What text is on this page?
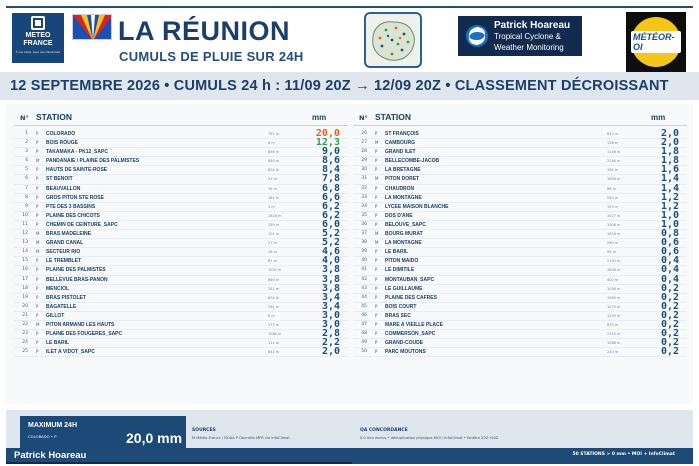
METEO
FRANCE
À vos côtés, avec nos climat futur
LA RÉUNION
CUMULS DE PLUIE SUR 24H
Patrick Hoareau
Tropical Cyclone &
Weather Monitoring
MÉTÉOR-OI
12 SEPTEMBRE 2026 • CUMULS 24 h : 11/09 20Z → 12/09 20Z • CLASSEMENT DÉCROISSANT
N° STATION	mm
1 P COLORADO	761 m	20,0
2 P BOIS ROUGE	6 m	12,3
3 P TAKAMAKA - PK12_SAPC	856 m	9,0
4 M PANDANAIE / PLAINE DES PALMISTES	880 m	8,6
5 P HAUTS DE SAINTE-ROSE	804 m	8,4
6 P ST BENOIT	43 m	7,8
7 P BEAUVALLON	16 m	6,8
8 P GROS PITON STE ROSE	181 m	6,6
9 P PTE DES 3 BASSINS	3 m	6,2
10 P PLAINE DES CHICOTS	1816 m	6,2
11 P CHEMIN DE CEINTURE_SAPC	259 m	6,0
12 M BRAS MADELEINE	101 m	5,2
13 M GRAND CANAL	27 m	5,2
14 M SECTEUR RIO	16 m	4,6
15 P LE TREMBLET	81 m	4,0
16 P PLAINE DES PALMISTES	1032 m	3,8
17 P BELLEVUE BRAS-PANON	860 m	3,8
18 P MENCIOL	261 m	3,8
19 P BRAS PISTOLET	604 m	3,4
20 P BAGATELLE	261 m	3,4
21 P GILLOT	8 m	3,0
22 M PITON ARMAND LES HAUTS	375 m	3,0
23 P PLAINE DES FOUGERES_SAPC	1086 m	2,8
24 P LE BARIL	111 m	2,2
25 P ILET A VIDOT_SAPC	641 m	2,0
N° STATION	mm
26 P ST FRANÇOIS	843 m	2,0
27 M CAMBOURG	138 m	2,0
28 P GRAND ILET	1146 m	1,8
29 P BELLECOMBE-JACOB	2246 m	1,8
30 P LA BRETAGNE	164 m	1,6
31 M PITON DORET	1898 m	1,4
32 P CHAUDRON	86 m	1,4
33 P LA MONTAGNE	550 m	1,2
34 P LYCEE MAISON BLANCHE	159 m	1,2
35 P DOS D'ANE	1027 m	1,0
36 P BELOUVE_SAPC	1508 m	1,0
37 M BOURG MURAT	1618 m	0,8
38 M LA MONTAGNE	280 m	0,6
39 P LE BARIL	95 m	0,6
40 P PITON MAIDO	2150 m	0,4
41 P LE DIMITILE	1808 m	0,4
42 P MONTAUBAN_SAPC	400 m	0,4
43 P LE GUILLAUME	1056 m	0,2
44 P PLAINE DES CAFRES	1560 m	0,2
45 P BOIS COURT	1070 m	0,2
46 P BRAS SEC	1250 m	0,2
47 P MARE A VIEILLE PLACE	870 m	0,2
48 P COMMERSON_SAPC	2310 m	0,2
49 P GRAND-COUDE	1088 m	0,2
50 P PARC MOUTONS	240 m	0,2
MAXIMUM 24H
COLORADO • P	20,0 mm SOURCES
M Météo-France / NOAA P Données MFR via InfoClimat
QA CONCORDANCE
0.0 mm exclus • déduplication physique MOI / InfoClimat • fenêtre 20Z→20Z
Patrick Hoareau	50 STATIONS > 0 mm • MOI + InfoClimat
